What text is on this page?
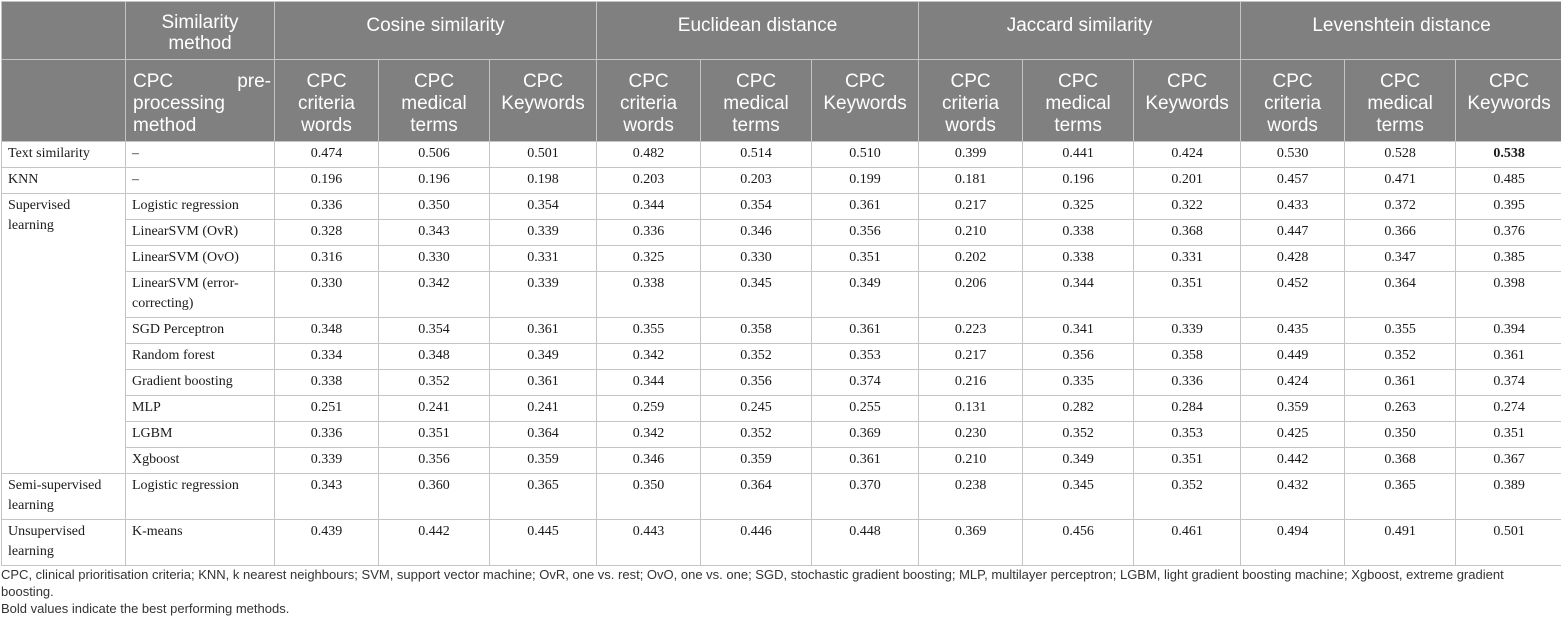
	Similarity method	Cosine similarity			Euclidean distance			Jaccard similarity			Levenshtein distance		

	CPC pre-
processing method	CPC criteria words	CPC medical terms	CPC Keywords	CPC criteria words	CPC medical terms	CPC Keywords	CPC criteria words	CPC medical terms	CPC Keywords	CPC criteria words	CPC medical terms	CPC Keywords
Text similarity	–	0.474	0.506	0.501	0.482	0.514	0.510	0.399	0.441	0.424	0.530	0.528	0.538
KNN	–	0.196	0.196	0.198	0.203	0.203	0.199	0.181	0.196	0.201	0.457	0.471	0.485
Supervised learning	Logistic regression	0.336	0.350	0.354	0.344	0.354	0.361	0.217	0.325	0.322	0.433	0.372	0.395
	LinearSVM (OvR)	0.328	0.343	0.339	0.336	0.346	0.356	0.210	0.338	0.368	0.447	0.366	0.376
	LinearSVM (OvO)	0.316	0.330	0.331	0.325	0.330	0.351	0.202	0.338	0.331	0.428	0.347	0.385
	LinearSVM (error-correcting)	0.330	0.342	0.339	0.338	0.345	0.349	0.206	0.344	0.351	0.452	0.364	0.398
	SGD Perceptron	0.348	0.354	0.361	0.355	0.358	0.361	0.223	0.341	0.339	0.435	0.355	0.394
	Random forest	0.334	0.348	0.349	0.342	0.352	0.353	0.217	0.356	0.358	0.449	0.352	0.361
	Gradient boosting	0.338	0.352	0.361	0.344	0.356	0.374	0.216	0.335	0.336	0.424	0.361	0.374
	MLP	0.251	0.241	0.241	0.259	0.245	0.255	0.131	0.282	0.284	0.359	0.263	0.274
	LGBM	0.336	0.351	0.364	0.342	0.352	0.369	0.230	0.352	0.353	0.425	0.350	0.351
	Xgboost	0.339	0.356	0.359	0.346	0.359	0.361	0.210	0.349	0.351	0.442	0.368	0.367
Semi-supervised learning	Logistic regression	0.343	0.360	0.365	0.350	0.364	0.370	0.238	0.345	0.352	0.432	0.365	0.389
Unsupervised learning	K-means	0.439	0.442	0.445	0.443	0.446	0.448	0.369	0.456	0.461	0.494	0.491	0.501

CPC, clinical prioritisation criteria; KNN, k nearest neighbours; SVM, support vector machine; OvR, one vs. rest; OvO, one vs. one; SGD, stochastic gradient boosting; MLP, multilayer perceptron; LGBM, light gradient boosting machine; Xgboost, extreme gradient boosting.

Bold values indicate the best performing methods.
